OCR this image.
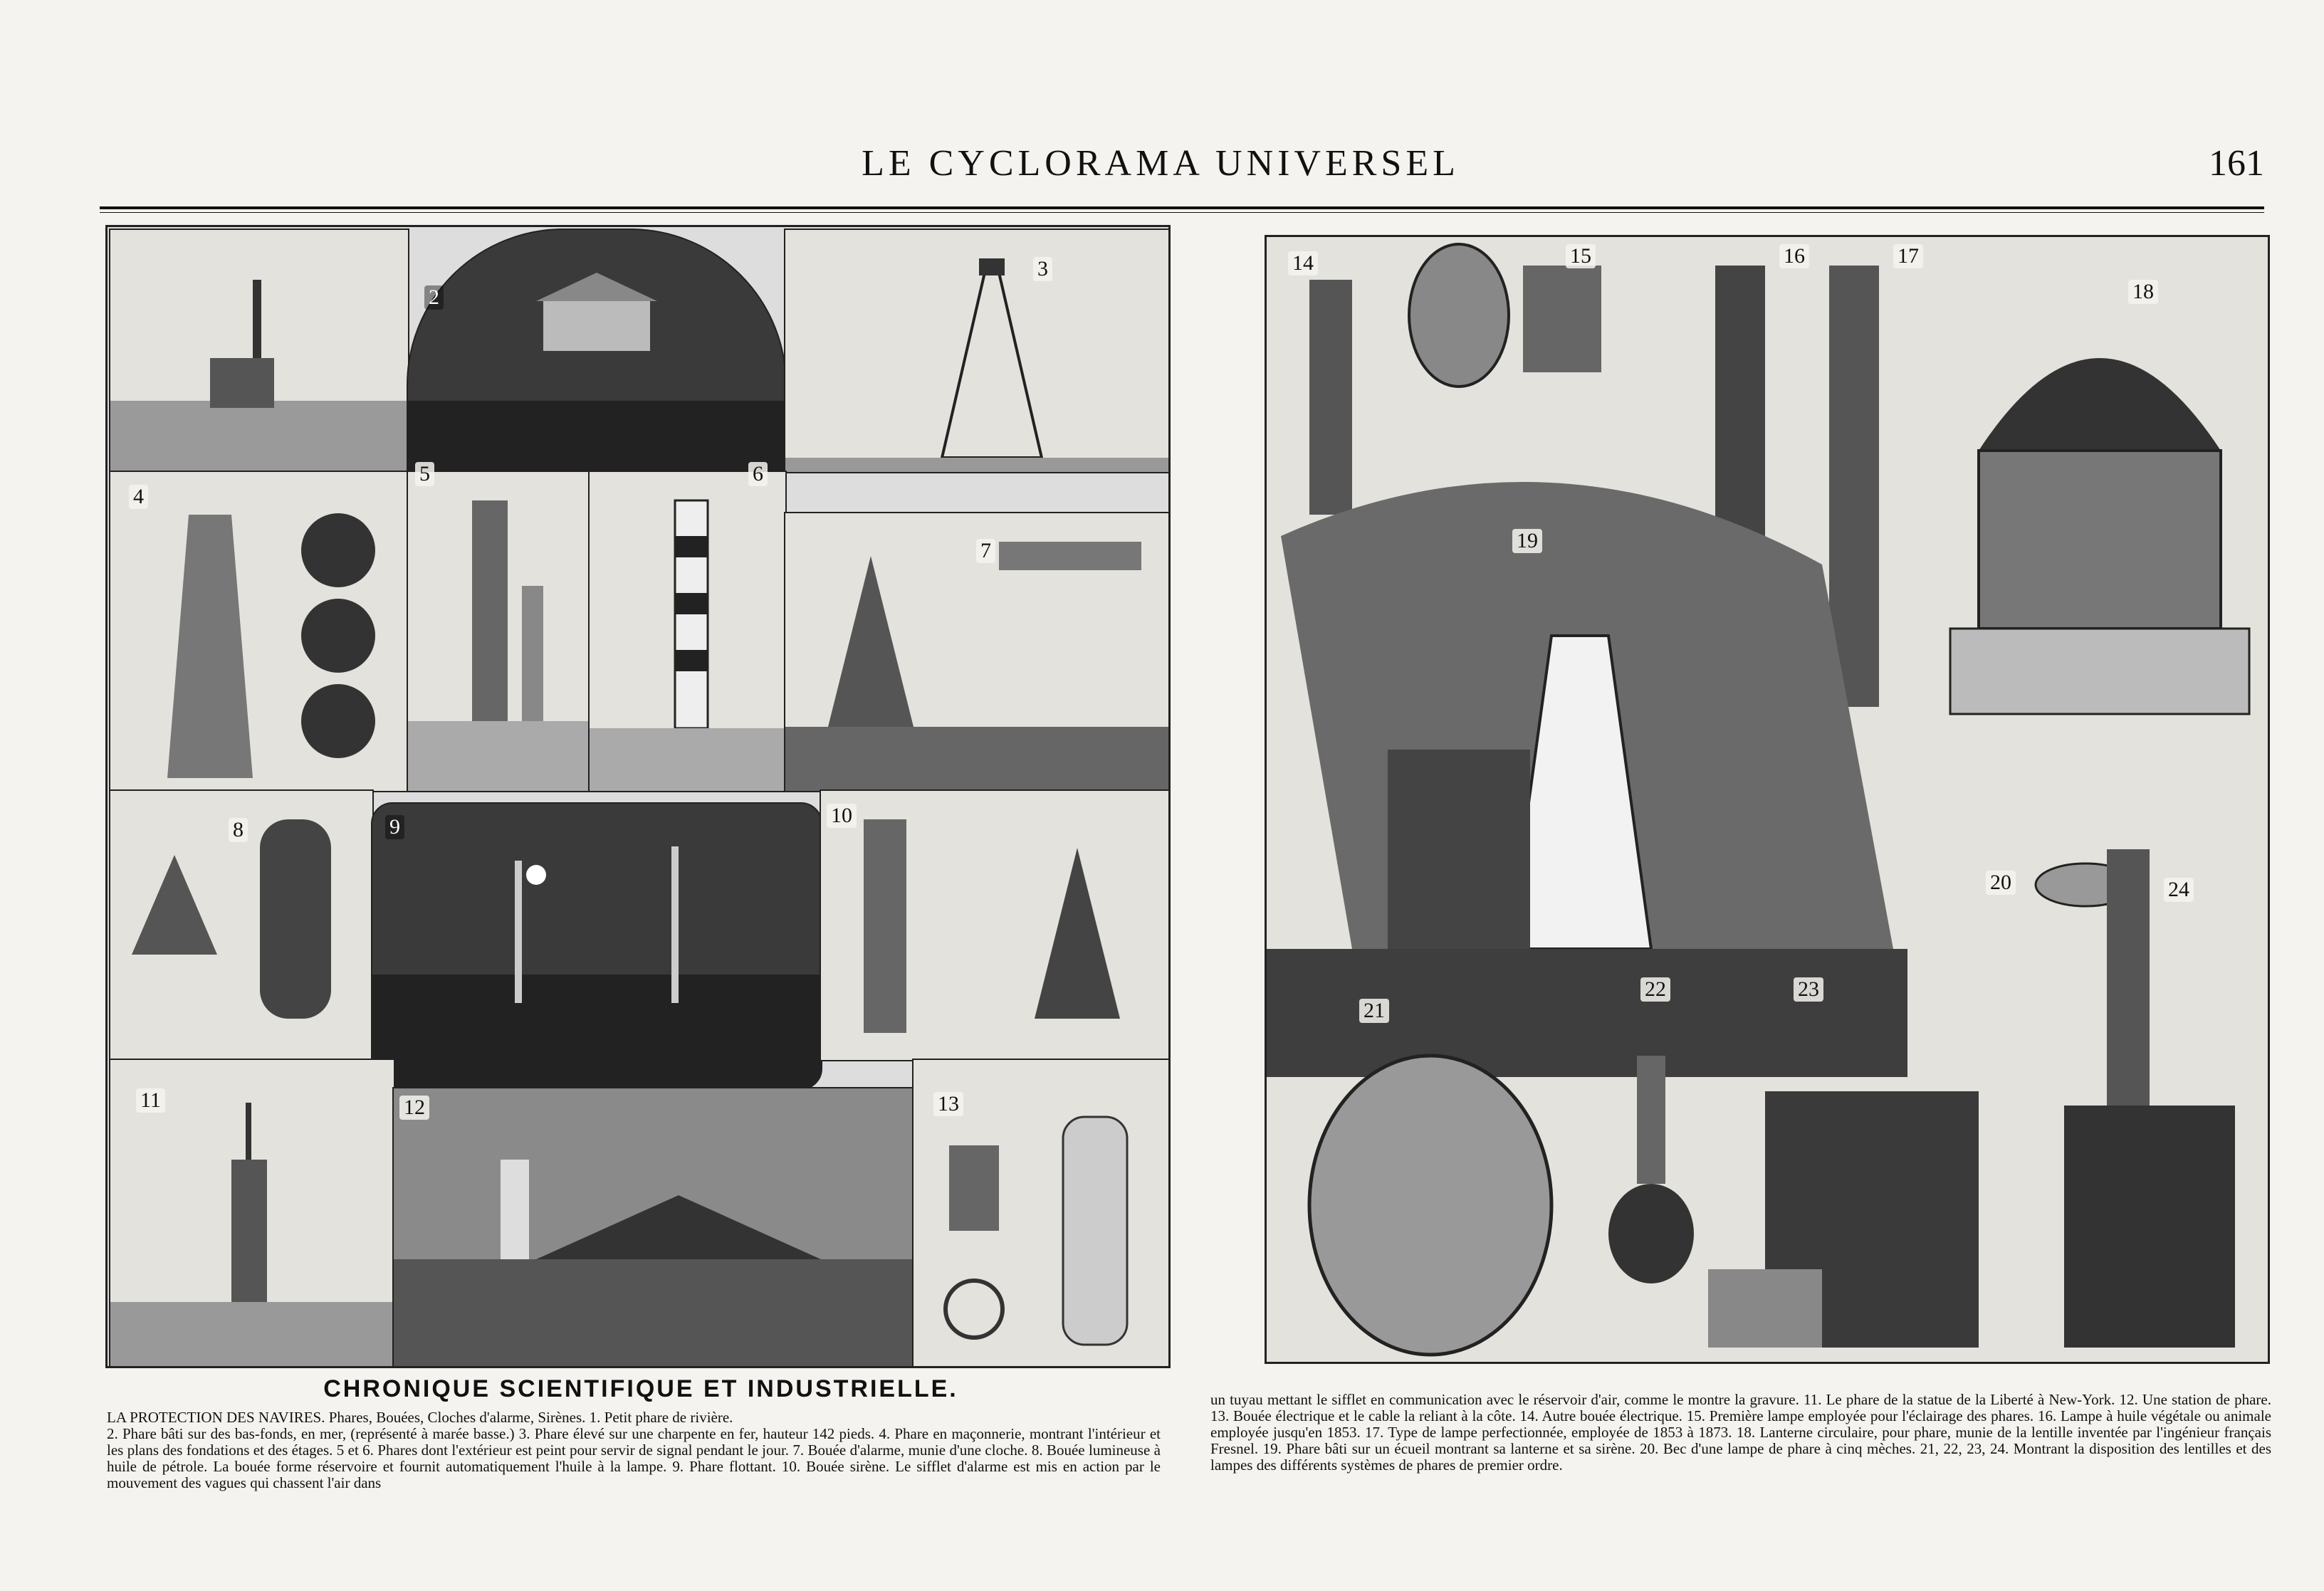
LE CYCLORAMA UNIVERSEL	161
2
3
4
5	6
7
8	9	10
11	12	13
14	15	16	17
18
19
20
21
22	23
24
CHRONIQUE SCIENTIFIQUE ET INDUSTRIELLE.

LA PROTECTION DES NAVIRES. Phares, Bouées, Cloches d'alarme, Sirènes. 1. Petit phare de rivière.
2. Phare bâti sur des bas-fonds, en mer, (représenté à marée basse.) 3. Phare élevé sur une charpente en fer, hauteur 142 pieds. 4. Phare en maçonnerie, montrant l'intérieur et les plans des fondations et des étages. 5 et 6. Phares dont l'extérieur est peint pour servir de signal pendant le jour. 7. Bouée d'alarme, munie d'une cloche. 8. Bouée lumineuse à huile de pétrole. La bouée forme réservoire et fournit automatiquement l'huile à la lampe. 9. Phare flottant. 10. Bouée sirène. Le sifflet d'alarme est mis en action par le mouvement des vagues qui chassent l'air dans

un tuyau mettant le sifflet en communication avec le réservoir d'air, comme le montre la gravure. 11. Le phare de la statue de la Liberté à New-York. 12. Une station de phare. 13. Bouée électrique et le cable la reliant à la côte. 14. Autre bouée électrique. 15. Première lampe employée pour l'éclairage des phares. 16. Lampe à huile végétale ou animale employée jusqu'en 1853. 17. Type de lampe perfectionnée, employée de 1853 à 1873. 18. Lanterne circulaire, pour phare, munie de la lentille inventée par l'ingénieur français Fresnel. 19. Phare bâti sur un écueil montrant sa lanterne et sa sirène. 20. Bec d'une lampe de phare à cinq mèches. 21, 22, 23, 24. Montrant la disposition des lentilles et des lampes des différents systèmes de phares de premier ordre.
